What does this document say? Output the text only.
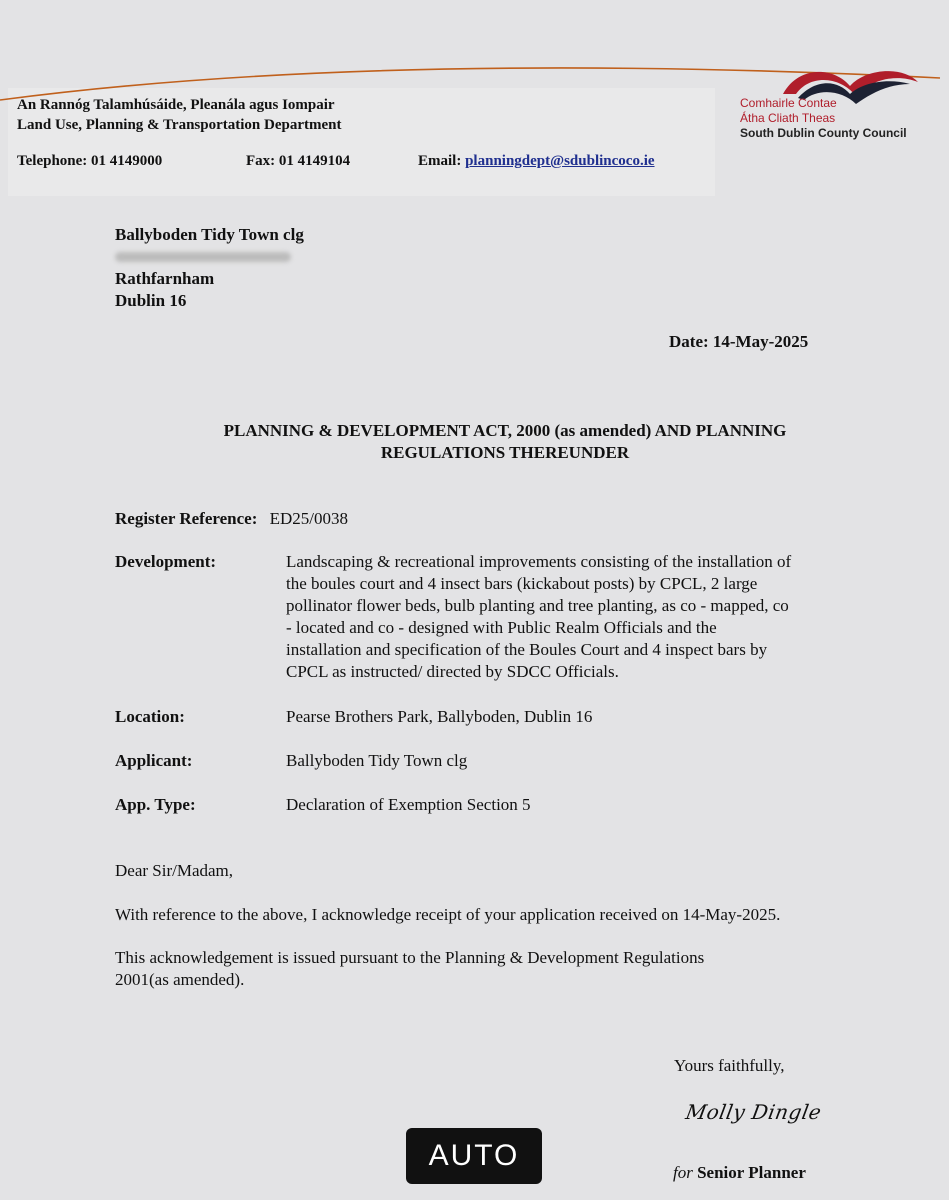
An Rannóg Talamhúsáide, Pleanála agus Iompair
Land Use, Planning & Transportation Department
Telephone: 01 4149000	Fax: 01 4149104	Email: planningdept@sdublincoco.ie
Comhairle Contae
Átha Cliath Theas
South Dublin County Council
Ballyboden Tidy Town clg
Rathfarnham
Dublin 16
Date: 14-May-2025
PLANNING & DEVELOPMENT ACT, 2000 (as amended) AND PLANNING
REGULATIONS THEREUNDER
Register Reference: ED25/0038
Development:	Landscaping & recreational improvements consisting of the installation of
the boules court and 4 insect bars (kickabout posts) by CPCL, 2 large
pollinator flower beds, bulb planting and tree planting, as co - mapped, co
- located and co - designed with Public Realm Officials and the
installation and specification of the Boules Court and 4 inspect bars by
CPCL as instructed/ directed by SDCC Officials.
Location:	Pearse Brothers Park, Ballyboden, Dublin 16
Applicant:	Ballyboden Tidy Town clg
App. Type:	Declaration of Exemption Section 5
Dear Sir/Madam,
With reference to the above, I acknowledge receipt of your application received on 14-May-2025.
This acknowledgement is issued pursuant to the Planning & Development Regulations
2001(as amended).
Yours faithfully,
Molly Dingle
for Senior Planner
AUTO
